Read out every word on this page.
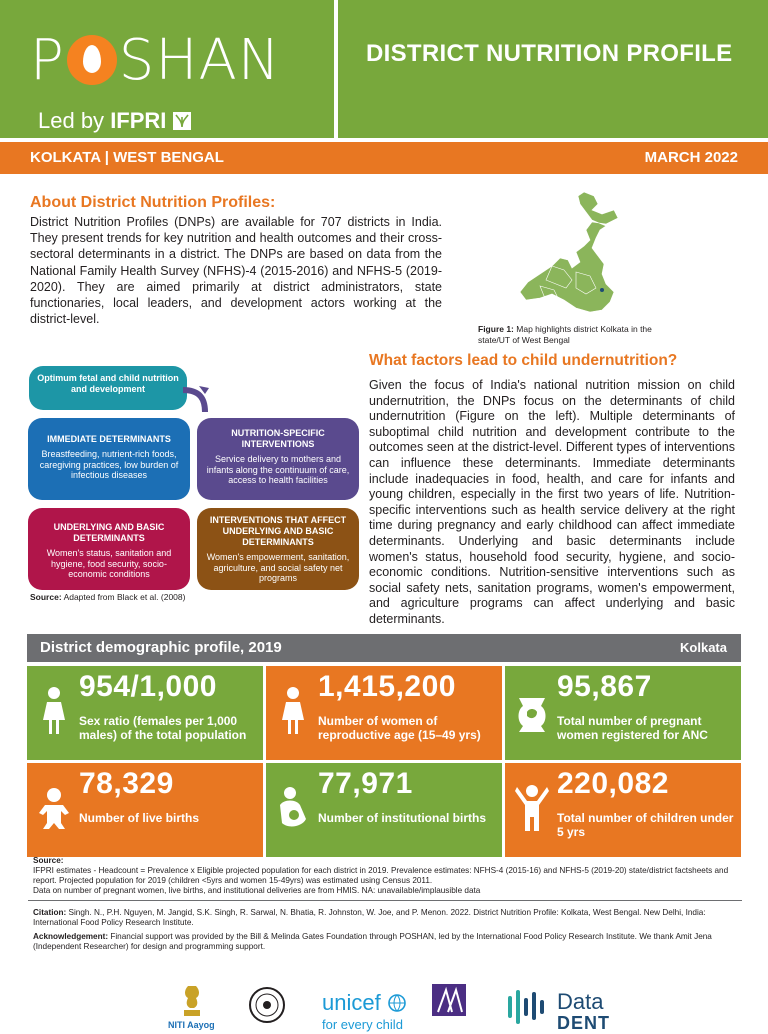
P SHAN
Led by IFPRI
DISTRICT NUTRITION PROFILE
KOLKATA | WEST BENGAL	MARCH 2022
About District Nutrition Profiles:
District Nutrition Profiles (DNPs) are available for 707 districts in India. They present trends for key nutrition and health outcomes and their cross-sectoral determinants in a district. The DNPs are based on data from the National Family Health Survey (NFHS)-4 (2015-2016) and NFHS-5 (2019-2020). They are aimed primarily at district administrators, state functionaries, local leaders, and development actors working at the district-level.
Figure 1: Map highlights district Kolkata in the state/UT of West Bengal
Optimum fetal and child nutrition and development
IMMEDIATE DETERMINANTS
Breastfeeding, nutrient-rich foods, caregiving practices, low burden of infectious diseases
NUTRITION-SPECIFIC INTERVENTIONS
Service delivery to mothers and infants along the continuum of care, access to health facilities
UNDERLYING AND BASIC DETERMINANTS
Women's status, sanitation and hygiene, food security, socio-economic conditions
INTERVENTIONS THAT AFFECT UNDERLYING AND BASIC DETERMINANTS
Women's empowerment, sanitation, agriculture, and social safety net programs
Source: Adapted from Black et al. (2008)
What factors lead to child undernutrition?
Given the focus of India's national nutrition mission on child undernutrition, the DNPs focus on the determinants of child undernutrition (Figure on the left). Multiple determinants of suboptimal child nutrition and development contribute to the outcomes seen at the district-level. Different types of interventions can influence these determinants. Immediate determinants include inadequacies in food, health, and care for infants and young children, especially in the first two years of life. Nutrition-specific interventions such as health service delivery at the right time during pregnancy and early childhood can affect immediate determinants. Underlying and basic determinants include women's status, household food security, hygiene, and socio-economic conditions. Nutrition-sensitive interventions such as social safety nets, sanitation programs, women's empowerment, and agriculture programs can affect underlying and basic determinants.
District demographic profile, 2019	Kolkata
954/1,000
Sex ratio (females per 1,000 males) of the total population
1,415,200
Number of women of reproductive age (15–49 yrs)
95,867
Total number of pregnant women registered for ANC
78,329
Number of live births
77,971
Number of institutional births
220,082
Total number of children under 5 yrs
Source:
IFPRI estimates - Headcount = Prevalence x Eligible projected population for each district in 2019. Prevalence estimates: NFHS-4 (2015-16) and NFHS-5 (2019-20) state/district factsheets and report. Projected population for 2019 (children <5yrs and women 15-49yrs) was estimated using Census 2011.
Data on number of pregnant women, live births, and institutional deliveries are from HMIS. NA: unavailable/implausible data
Citation: Singh. N., P.H. Nguyen, M. Jangid, S.K. Singh, R. Sarwal, N. Bhatia, R. Johnston, W. Joe, and P. Menon. 2022. District Nutrition Profile: Kolkata, West Bengal. New Delhi, India: International Food Policy Research Institute.
Acknowledgement: Financial support was provided by the Bill & Melinda Gates Foundation through POSHAN, led by the International Food Policy Research Institute. We thank Amit Jena (Independent Researcher) for design and programming support.
NITI Aayog
unicef
for every child
Data
DENT
